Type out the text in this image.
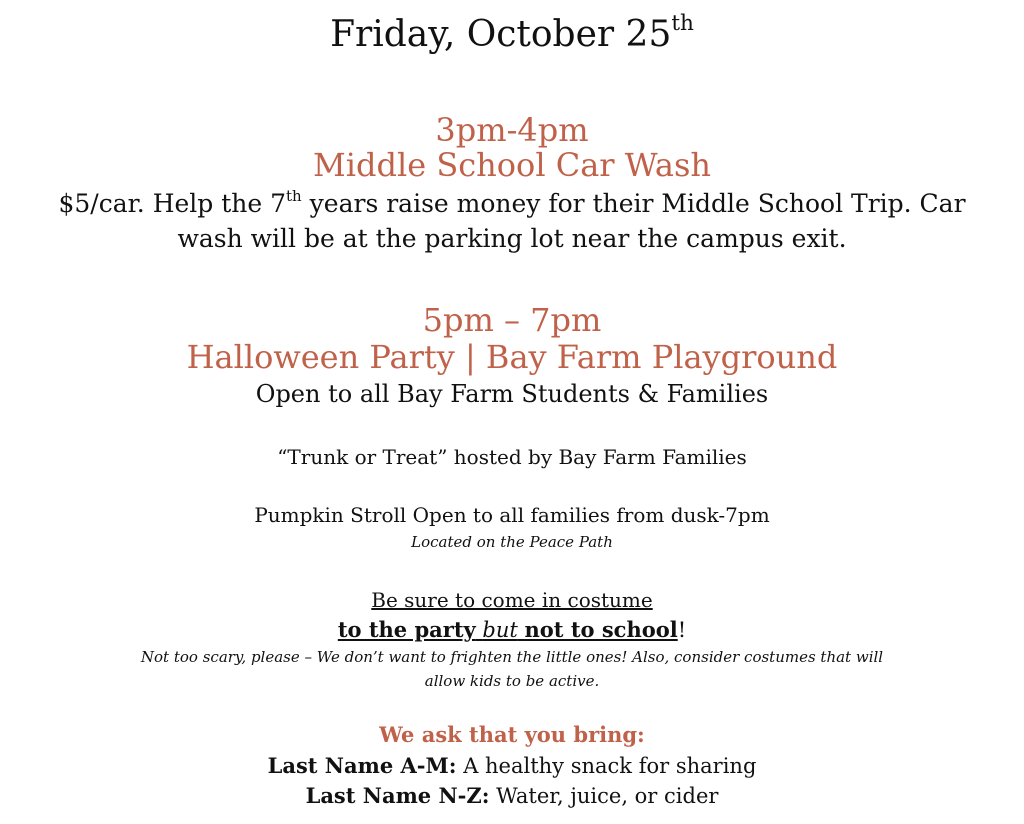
Friday, October 25th
3pm-4pm
Middle School Car Wash
$5/car. Help the 7th years raise money for their Middle School Trip. Car
wash will be at the parking lot near the campus exit.
5pm – 7pm
Halloween Party | Bay Farm Playground
Open to all Bay Farm Students & Families
“Trunk or Treat” hosted by Bay Farm Families
Pumpkin Stroll Open to all families from dusk-7pm
Located on the Peace Path
Be sure to come in costume
to the party but not to school!
Not too scary, please – We don’t want to frighten the little ones! Also, consider costumes that will
allow kids to be active.
We ask that you bring:
Last Name A-M: A healthy snack for sharing
Last Name N-Z: Water, juice, or cider
